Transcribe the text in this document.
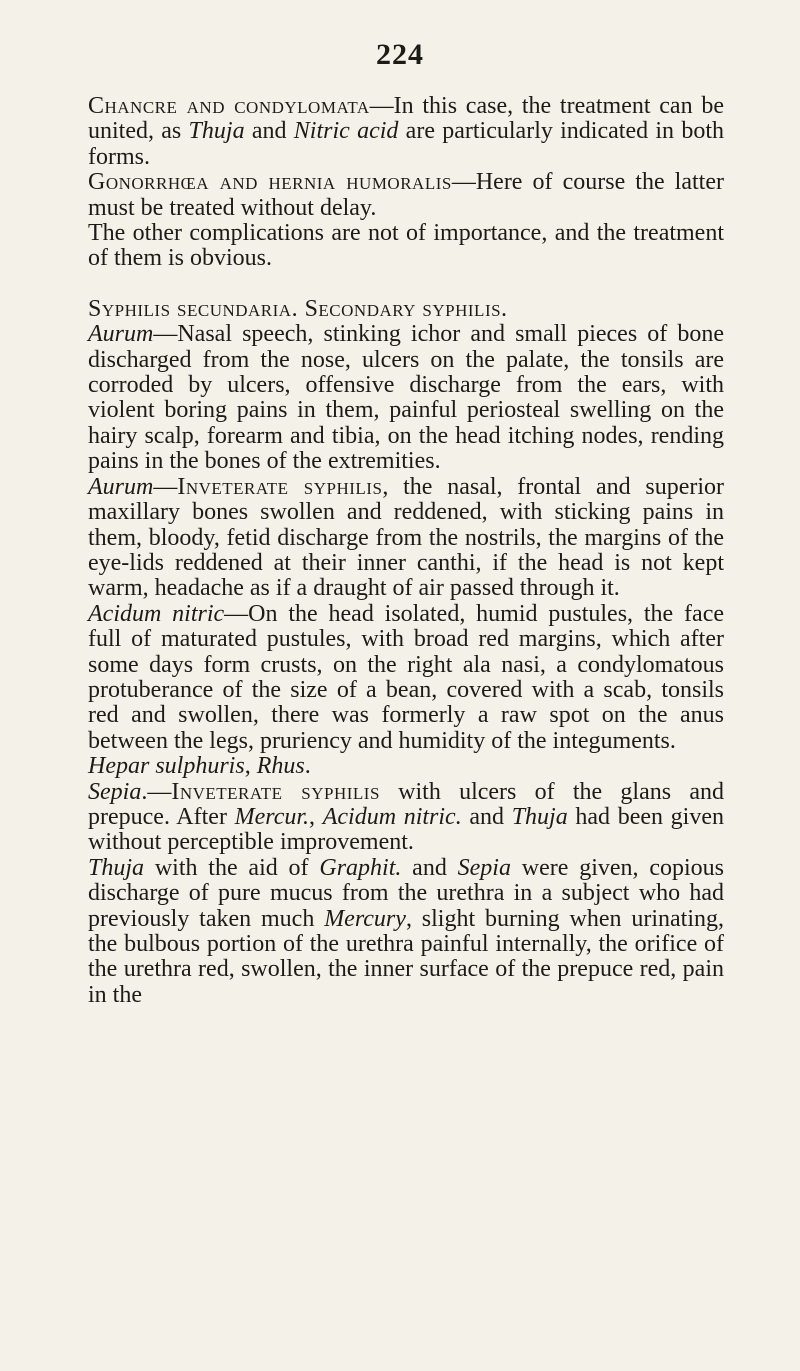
224

Chancre and condylomata—In this case, the treatment can be united, as Thuja and Nitric acid are particularly indicated in both forms.

Gonorrhœa and hernia humoralis—Here of course the latter must be treated without delay.

The other complications are not of importance, and the treatment of them is obvious.

Syphilis secundaria. Secondary syphilis.

Aurum—Nasal speech, stinking ichor and small pieces of bone discharged from the nose, ulcers on the palate, the tonsils are corroded by ulcers, offensive discharge from the ears, with violent boring pains in them, painful periosteal swelling on the hairy scalp, forearm and tibia, on the head itching nodes, rending pains in the bones of the extremities.

Aurum—Inveterate syphilis, the nasal, frontal and superior maxillary bones swollen and reddened, with sticking pains in them, bloody, fetid discharge from the nostrils, the margins of the eye-lids reddened at their inner canthi, if the head is not kept warm, headache as if a draught of air passed through it.

Acidum nitric—On the head isolated, humid pustules, the face full of maturated pustules, with broad red margins, which after some days form crusts, on the right ala nasi, a condylomatous protuberance of the size of a bean, covered with a scab, tonsils red and swollen, there was formerly a raw spot on the anus between the legs, pruriency and humidity of the integuments.

Hepar sulphuris, Rhus.

Sepia.—Inveterate syphilis with ulcers of the glans and prepuce. After Mercur., Acidum nitric. and Thuja had been given without perceptible improvement.

Thuja with the aid of Graphit. and Sepia were given, copious discharge of pure mucus from the urethra in a subject who had previously taken much Mercury, slight burning when urinating, the bulbous portion of the urethra painful internally, the orifice of the urethra red, swollen, the inner surface of the prepuce red, pain in the
